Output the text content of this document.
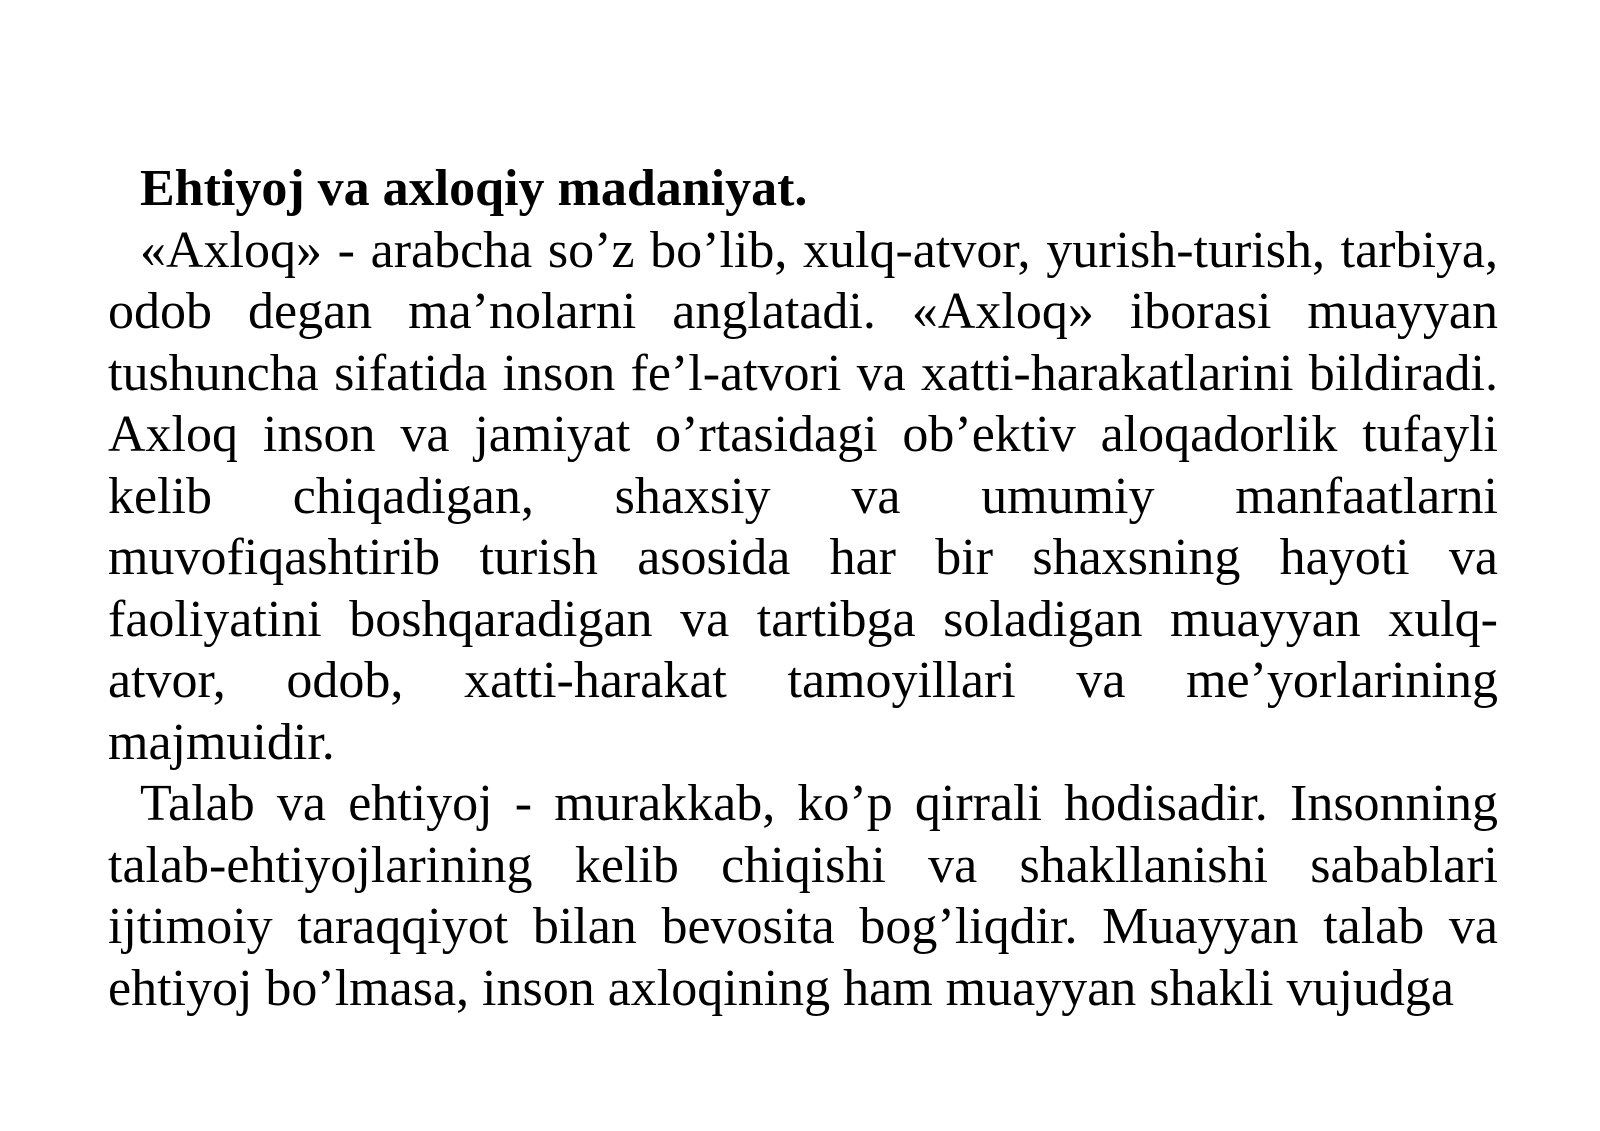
Ehtiyoj va axloqiy madaniyat.

«Axloq» - arabcha so’z bo’lib, xulq-atvor, yurish-turish, tarbiya, odob degan ma’nolarni anglatadi. «Axloq» iborasi muayyan tushuncha sifatida inson fe’l-atvori va xatti-harakatlarini bildiradi. Axloq inson va jamiyat o’rtasidagi ob’ektiv aloqadorlik tufayli kelib chiqadigan, shaxsiy va umumiy manfaatlarni muvofiqashtirib turish asosida har bir shaxsning hayoti va faoliyatini boshqaradigan va tartibga soladigan muayyan xulq-atvor, odob, xatti-harakat tamoyillari va me’yorlarining majmuidir.

Talab va ehtiyoj - murakkab, ko’p qirrali hodisadir. Insonning talab-ehtiyojlarining kelib chiqishi va shakllanishi sabablari ijtimoiy taraqqiyot bilan bevosita bog’liqdir. Muayyan talab va ehtiyoj bo’lmasa, inson axloqining ham muayyan shakli vujudga
